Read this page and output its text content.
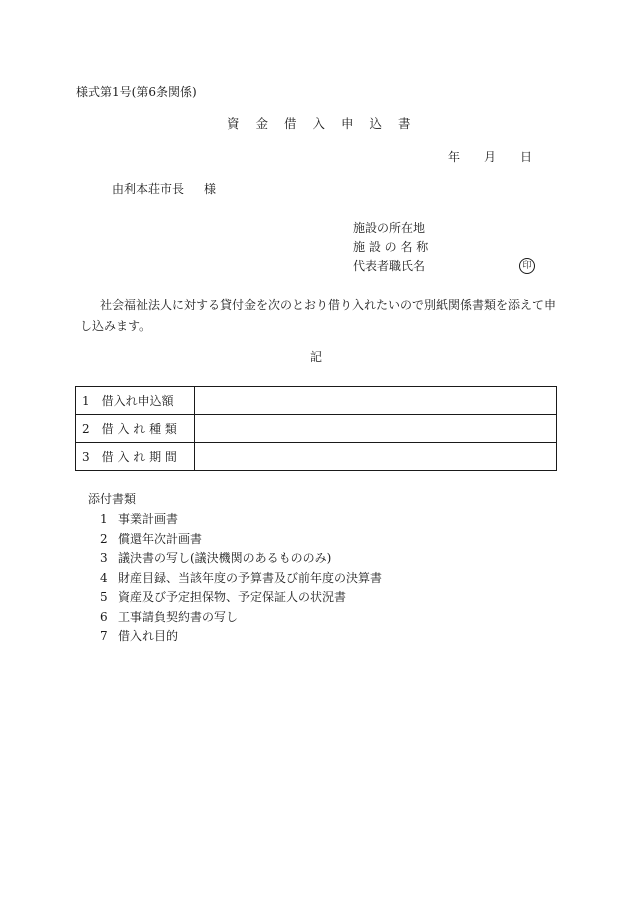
様式第1号(第6条関係)
資金借入申込書
年 月 日
由利本荘市長 様
施設の所在地
施 設 の 名 称
代表者職氏名	印
社会福祉法人に対する貸付金を次のとおり借り入れたいので別紙関係書類を添えて申し込みます。
記
1　借入れ申込額	
2　借 入 れ 種 類	
3　借 入 れ 期 間	
添付書類
1 事業計画書
2 償還年次計画書
3 議決書の写し(議決機関のあるもののみ)
4 財産目録、当該年度の予算書及び前年度の決算書
5 資産及び予定担保物、予定保証人の状況書
6 工事請負契約書の写し
7 借入れ目的
